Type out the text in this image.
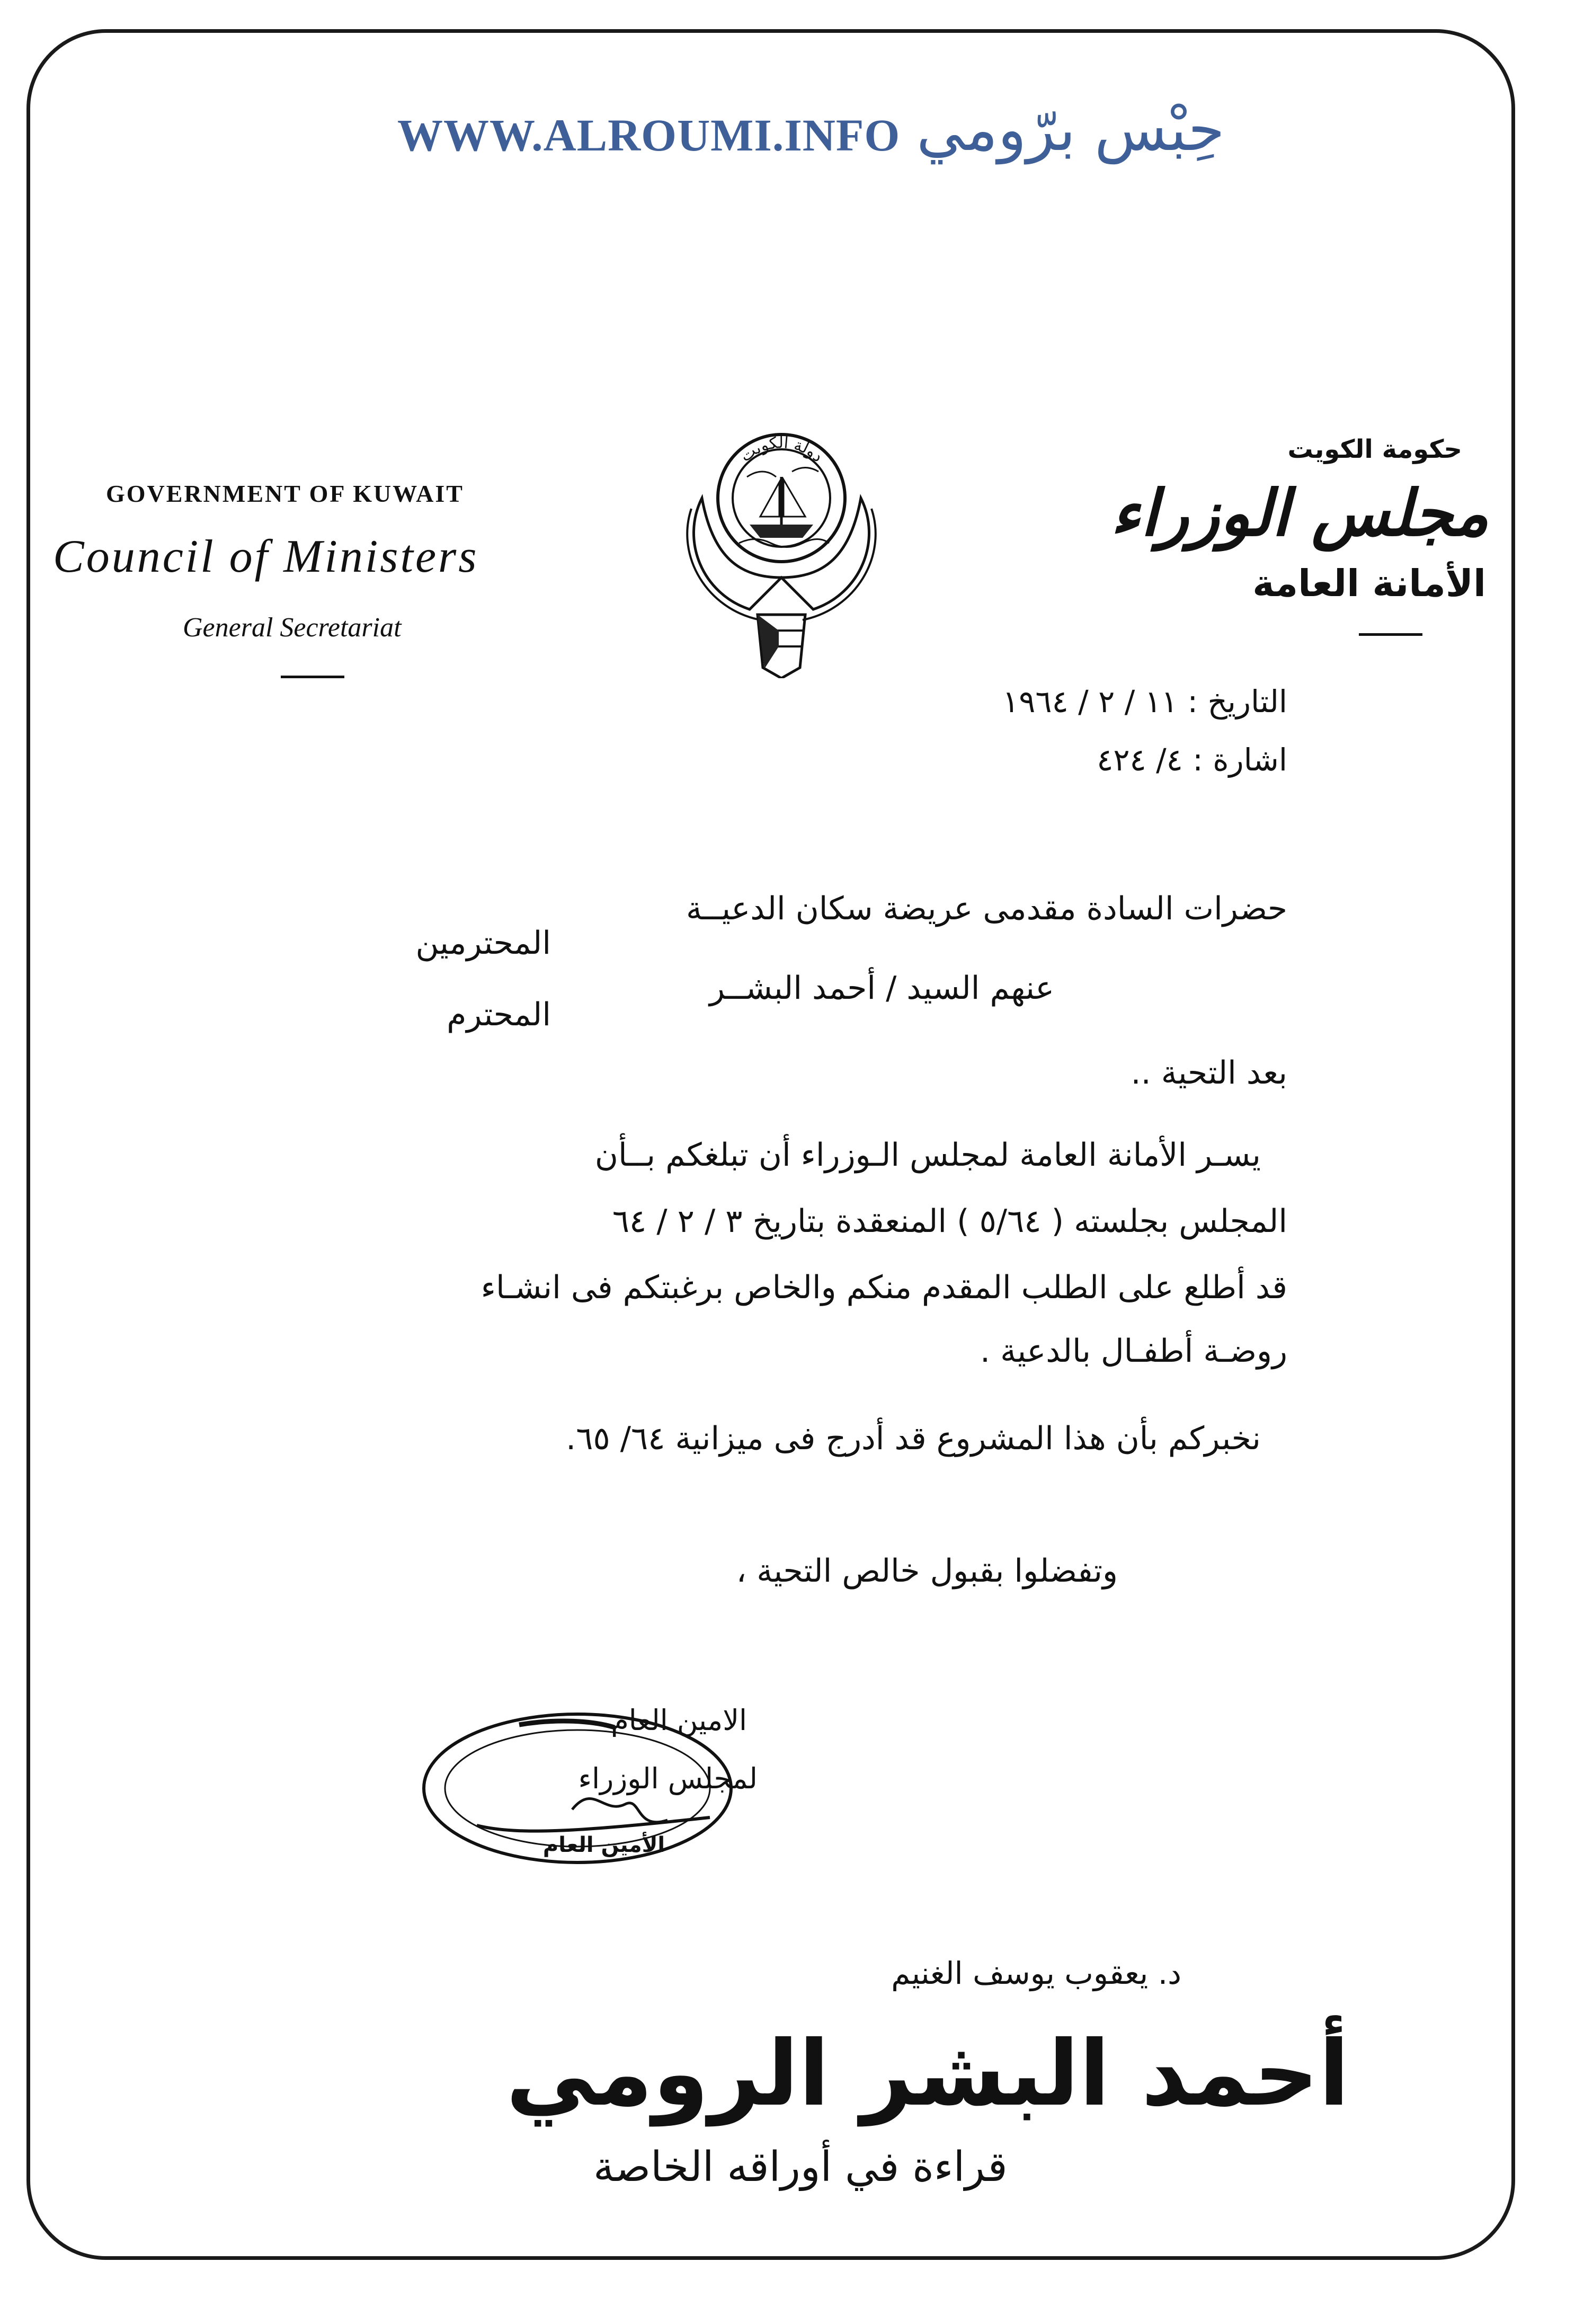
WWW.ALROUMI.INFO حِبْس برّومي
GOVERNMENT OF KUWAIT
Council of Ministers
General Secretariat
دولة الكويت	حكومة الكويت
مجلس الوزراء
الأمانة العامة
التاريخ : ١١ / ٢ / ١٩٦٤
اشارة : ٤/ ٤٢٤
حضرات السادة مقدمى عريضة سكان الدعيــة
المحترمين
عنهم السيد / أحمد البشــر
المحترم
بعد التحية ..
يسـر الأمانة العامة لمجلس الـوزراء أن تبلغكم بــأن
المجلس بجلسته ( ٥/٦٤ ) المنعقدة بتاريخ ٣ / ٢ / ٦٤
قد أطلع على الطلب المقدم منكم والخاص برغبتكم فى انشـاء
روضـة أطفـال بالدعية .
نخبركم بأن هذا المشروع قد أدرج فى ميزانية ٦٤/ ٦٥.
وتفضلوا بقبول خالص التحية ،
الامين العام
لمجلس الوزراء
الأمين العام
د. يعقوب يوسف الغنيم
أحمد البشر الرومي
قراءة في أوراقه الخاصة
